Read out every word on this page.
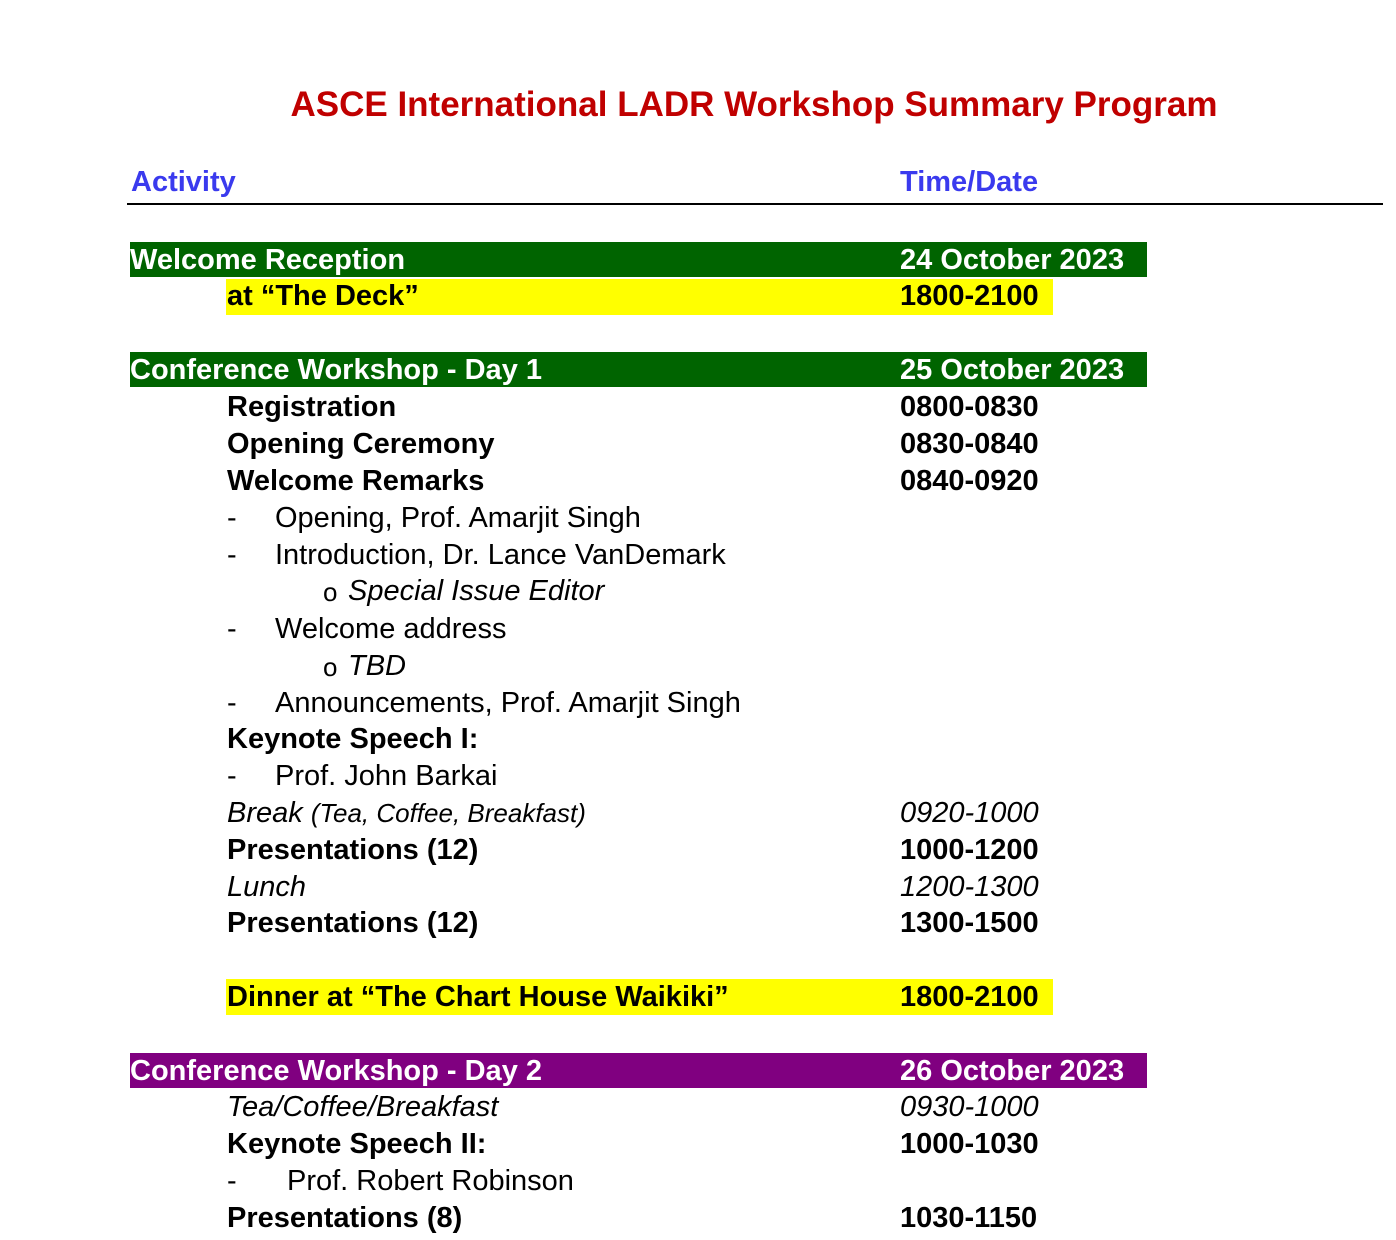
ASCE International LADR Workshop Summary Program
Activity	Time/Date
Welcome Reception	24 October 2023
at “The Deck”	1800-2100
Conference Workshop - Day 1	25 October 2023
Registration	0800-0830
Opening Ceremony	0830-0840
Welcome Remarks	0840-0920
- Opening, Prof. Amarjit Singh
- Introduction, Dr. Lance VanDemark
o Special Issue Editor
- Welcome address
o TBD
- Announcements, Prof. Amarjit Singh
Keynote Speech I:
- Prof. John Barkai
Break (Tea, Coffee, Breakfast)	0920-1000
Presentations (12)	1000-1200
Lunch	1200-1300
Presentations (12)	1300-1500
Dinner at “The Chart House Waikiki”	1800-2100
Conference Workshop - Day 2	26 October 2023
Tea/Coffee/Breakfast	0930-1000
Keynote Speech II:	1000-1030
- Prof. Robert Robinson
Presentations (8)	1030-1150
